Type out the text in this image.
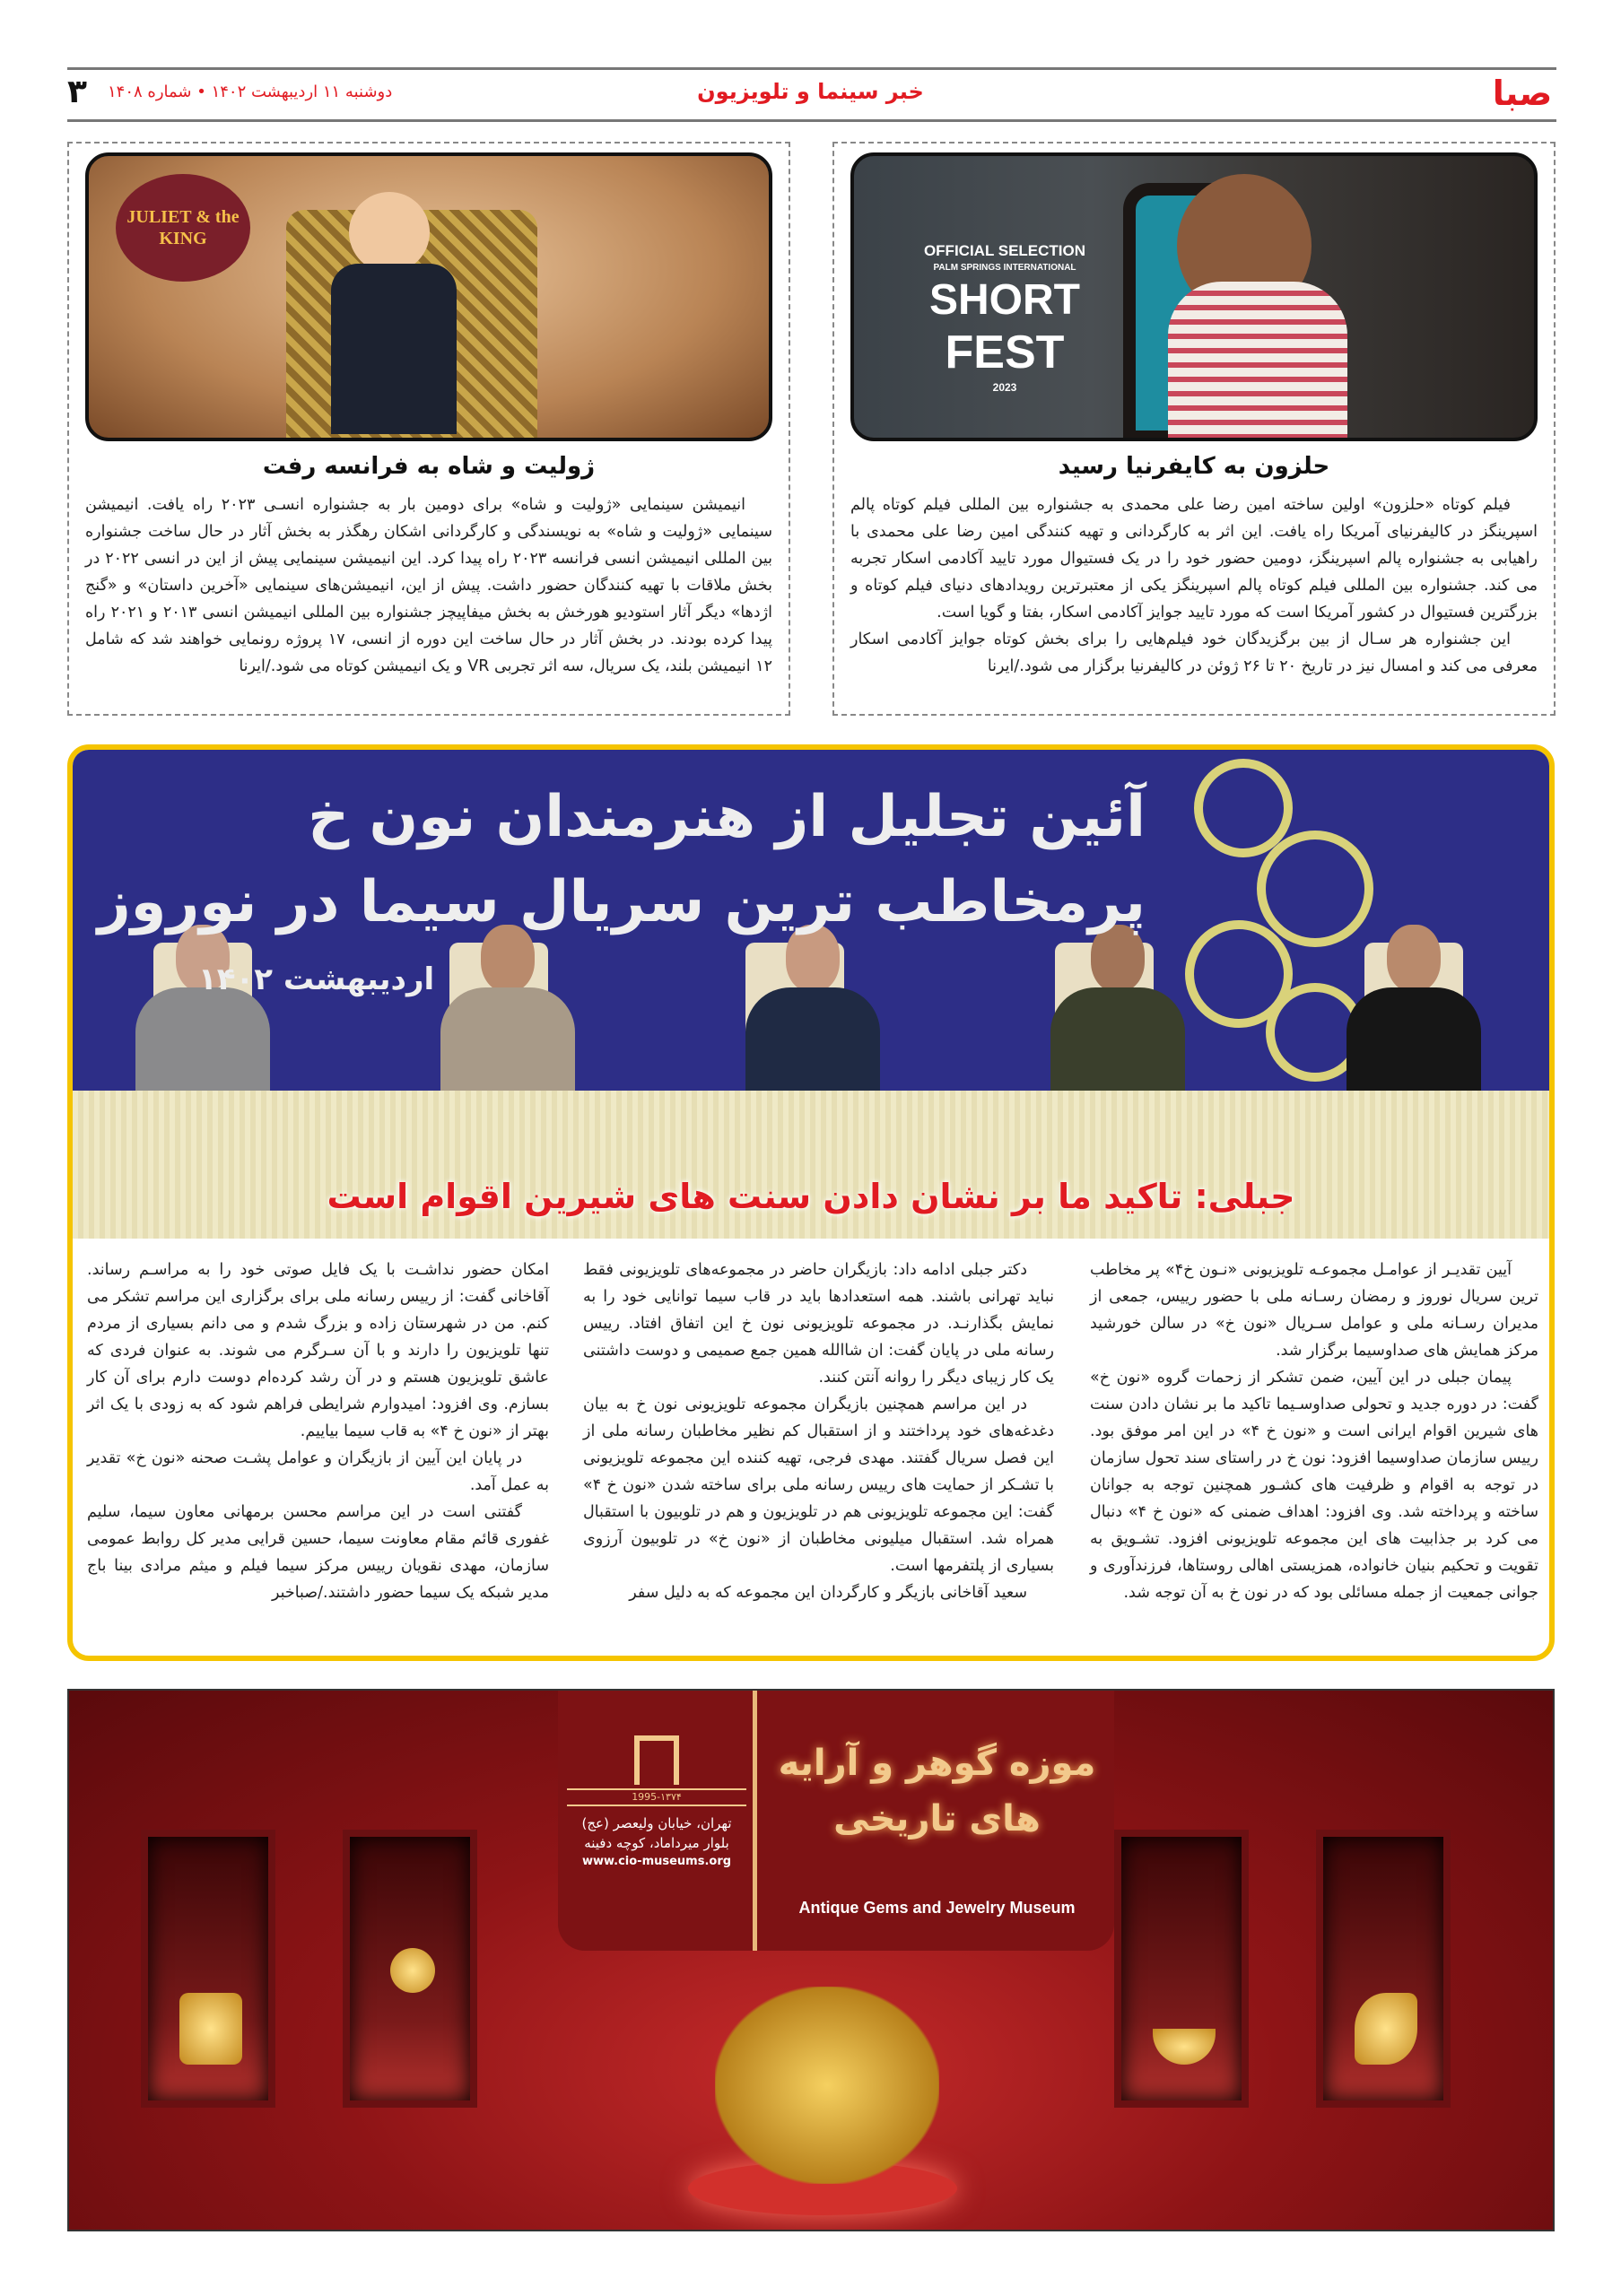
صبا
خبر سینما و تلویزیون
دوشنبه ۱۱ اردیبهشت ۱۴۰۲ • شماره ۱۴۰۸
۳
OFFICIAL SELECTION
PALM SPRINGS INTERNATIONAL
SHORT
FEST
2023
حلزون به کایفرنیا رسید

فیلم کوتاه «حلزون» اولین ساخته امین رضا علی محمدی به جشنواره بین المللی فیلم کوتاه پالم اسپرینگز در کالیفرنیای آمریکا راه یافت. این اثر به کارگردانی و تهیه کنندگی امین رضا علی محمدی با راهیابی به جشنواره پالم اسپرینگز، دومین حضور خود را در یک فستیوال مورد تایید آکادمی اسکار تجربه می کند. جشنواره بین المللی فیلم کوتاه پالم اسپرینگز یکی از معتبرترین رویدادهای دنیای فیلم کوتاه و بزرگترین فستیوال در کشور آمریکا است که مورد تایید جوایز آکادمی اسکار، بفتا و گویا است.

این جشنواره هر سـال از بین برگزیدگان خود فیلم‌هایی را برای بخش کوتاه جوایز آکادمی اسکار معرفی می کند و امسال نیز در تاریخ ۲۰ تا ۲۶ ژوئن در کالیفرنیا برگزار می شود./ایرنا

JULIET & the KING
ژولیت و شاه به فرانسه رفت

انیمیشن سینمایی «ژولیت و شاه» برای دومین بار به جشنواره انسـی ۲۰۲۳ راه یافت. انیمیشن سینمایی «ژولیت و شاه» به نویسندگی و کارگردانی اشکان رهگذر به بخش آثار در حال ساخت جشنواره بین المللی انیمیشن انسی فرانسه ۲۰۲۳ راه پیدا کرد. این انیمیشن سینمایی پیش از این در انسی ۲۰۲۲ در بخش ملاقات با تهیه کنندگان حضور داشت. پیش از این، انیمیشن‌های سینمایی «آخرین داستان» و «گنج اژدها» دیگر آثار استودیو هورخش به بخش میفاپیچز جشنواره بین المللی انیمیشن انسی ۲۰۱۳ و ۲۰۲۱ راه پیدا کرده بودند. در بخش آثار در حال ساخت این دوره از انسی، ۱۷ پروژه رونمایی خواهند شد که شامل ۱۲ انیمیشن بلند، یک سریال، سه اثر تجربی VR و یک انیمیشن کوتاه می شود./ایرنا

آئین تجلیل از هنرمندان نون خ
پرمخاطب ترین سریال سیما در نوروز
اردیبهشت ۱۴۰۲
جبلی: تاکید ما بر نشان دادن سنت های شیرین اقوام است

آیین تقدیـر از عوامـل مجموعـه تلویزیونی «نـون خ۴» پر مخاطب ترین سریال نوروز و رمضان رسـانه ملی با حضور رییس، جمعی از مدیران رسـانه ملی و عوامل سـریال «نون خ» در سالن خورشید مرکز همایش های صداوسیما برگزار شد.

پیمان جبلی در این آیین، ضمن تشکر از زحمات گروه «نون خ» گفت: در دوره جدید و تحولی صداوسـیما تاکید ما بر نشان دادن سنت های شیرین اقوام ایرانی است و «نون خ ۴» در این امر موفق بود. رییس سازمان صداوسیما افزود: نون خ در راستای سند تحول سازمان در توجه به اقوام و ظرفیت های کشـور همچنین توجه به جوانان ساخته و پرداخته شد. وی افزود: اهداف ضمنی که «نون خ ۴» دنبال می کرد بر جذابیت های این مجموعه تلویزیونی افزود. تشـویق به تقویت و تحکیم بنیان خانواده، همزیستی اهالی روستاها، فرزندآوری و جوانی جمعیت از جمله مسائلی بود که در نون خ به آن توجه شد.

دکتر جبلی ادامه داد: بازیگران حاضر در مجموعه‌های تلویزیونی فقط نباید تهرانی باشند. همه استعدادها باید در قاب سیما توانایی خود را به نمایش بگذارنـد. در مجموعه تلویزیونی نون خ این اتفاق افتاد. رییس رسانه ملی در پایان گفت: ان شاالله همین جمع صمیمی و دوست داشتنی یک کار زیبای دیگر را روانه آنتن کنند.

در این مراسم همچنین بازیگران مجموعه تلویزیونی نون خ به بیان دغدغه‌های خود پرداختند و از استقبال کم نظیر مخاطبان رسانه ملی از این فصل سریال گفتند. مهدی فرجی، تهیه کننده این مجموعه تلویزیونی با تشـکر از حمایت های رییس رسانه ملی برای ساخته شدن «نون خ ۴» گفت: این مجموعه تلویزیونی هم در تلویزیون و هم در تلوبیون با استقبال همراه شد. استقبال میلیونی مخاطبان از «نون خ» در تلوبیون آرزوی بسیاری از پلتفرمها است.

سعید آقاخانی بازیگر و کارگردان این مجموعه که به دلیل سفر

امکان حضور نداشـت با یک فایل صوتی خود را به مراسـم رساند. آقاخانی گفت: از رییس رسانه ملی برای برگزاری این مراسم تشکر می کنم. من در شهرستان زاده و بزرگ شدم و می دانم بسیاری از مردم تنها تلویزیون را دارند و با آن سـرگرم می شوند. به عنوان فردی که عاشق تلویزیون هستم و در آن رشد کرده‌ام دوست دارم برای آن کار بسازم. وی افزود: امیدوارم شرایطی فراهم شود که به زودی با یک اثر بهتر از «نون خ ۴» به قاب سیما بیاییم.

در پایان این آیین از بازیگران و عوامل پشـت صحنه «نون خ» تقدیر به عمل آمد.

گفتنی است در این مراسم محسن برمهانی معاون سیما، سلیم غفوری قائم مقام معاونت سیما، حسین قرایی مدیر کل روابط عمومی سازمان، مهدی نقویان رییس مرکز سیما فیلم و میثم مرادی بینا باج مدیر شبکه یک سیما حضور داشتند./صباخبر

1995-۱۳۷۴
تهران، خیابان ولیعصر (عج)
بلوار میرداماد، کوچه دفینه
www.cio-museums.org
موزه گوهر و آرایه های تاریخی
Antique Gems and Jewelry Museum
